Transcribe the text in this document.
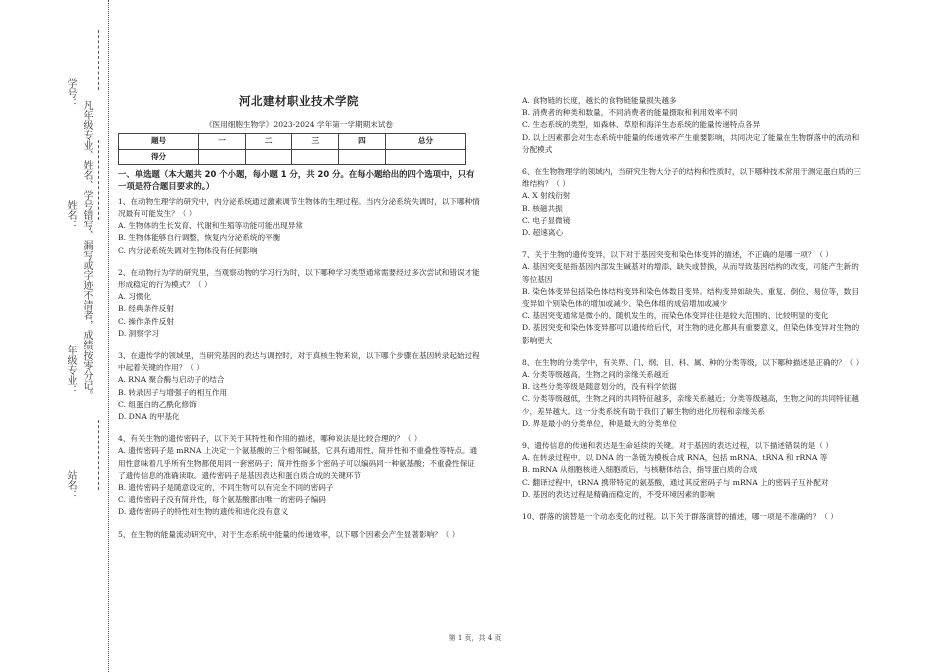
学号：
姓名：
年级专业：
站名：
凡年级专业、姓名、学号错写、漏写或字迹不清者，成绩按零分记。	河北建材职业技术学院
《医用细胞生物学》2023-2024 学年第一学期期末试卷
题号	一	二	三	四	总分
得分					
一、单选题（本大题共 20 个小题，每小题 1 分，共 20 分。在每小题给出的四个选项中，只有一项是符合题目要求的。）

1、在动物生理学的研究中，内分泌系统通过激素调节生物体的生理过程。当内分泌系统失调时，以下哪种情况最有可能发生？（ ）

A. 生物体的生长发育、代谢和生殖等功能可能出现异常

B. 生物体能够自行调整，恢复内分泌系统的平衡

C. 内分泌系统失调对生物体没有任何影响

2、在动物行为学的研究里，当观察动物的学习行为时，以下哪种学习类型通常需要经过多次尝试和错误才能形成稳定的行为模式？（ ）

A. 习惯化

B. 经典条件反射

C. 操作条件反射

D. 洞察学习

3、在遗传学的领域里，当研究基因的表达与调控时，对于真核生物来说，以下哪个步骤在基因转录起始过程中起着关键的作用？（ ）

A. RNA 聚合酶与启动子的结合

B. 转录因子与增强子的相互作用

C. 组蛋白的乙酰化修饰

D. DNA 的甲基化

4、有关生物的遗传密码子，以下关于其特性和作用的描述，哪种说法是比较合理的？（ ）

A. 遗传密码子是 mRNA 上决定一个氨基酸的三个相邻碱基，它具有通用性、简并性和不重叠性等特点。通用性意味着几乎所有生物都使用同一套密码子；简并性指多个密码子可以编码同一种氨基酸；不重叠性保证了遗传信息的准确读取。遗传密码子是基因表达和蛋白质合成的关键环节

B. 遗传密码子是随意设定的，不同生物可以有完全不同的密码子

C. 遗传密码子没有简并性，每个氨基酸都由唯一的密码子编码

D. 遗传密码子的特性对生物的遗传和进化没有意义

5、在生物的能量流动研究中，对于生态系统中能量的传递效率，以下哪个因素会产生显著影响？（ ）

A. 食物链的长度，越长的食物链能量损失越多

B. 消费者的种类和数量，不同消费者的能量摄取和利用效率不同

C. 生态系统的类型，如森林、草原和海洋生态系统的能量传递特点各异

D. 以上因素都会对生态系统中能量的传递效率产生重要影响，共同决定了能量在生物群落中的流动和分配模式

6、在生物物理学的领域内，当研究生物大分子的结构和性质时，以下哪种技术常用于测定蛋白质的三维结构？（ ）

A. X 射线衍射

B. 核磁共振

C. 电子显微镜

D. 超速离心

7、关于生物的遗传变异，以下对于基因突变和染色体变异的描述，不正确的是哪一项？（ ）

A. 基因突变是指基因内部发生碱基对的增添、缺失或替换，从而导致基因结构的改变，可能产生新的等位基因

B. 染色体变异包括染色体结构变异和染色体数目变异。结构变异如缺失、重复、倒位、易位等，数目变异如个别染色体的增加或减少、染色体组的成倍增加或减少

C. 基因突变通常是微小的、随机发生的，而染色体变异往往是较大范围的、比较明显的变化

D. 基因突变和染色体变异都可以遗传给后代，对生物的进化都具有重要意义，但染色体变异对生物的影响更大

8、在生物的分类学中，有关界、门、纲、目、科、属、种的分类等级，以下哪种描述是正确的？（ ）

A. 分类等级越高，生物之间的亲缘关系越近

B. 这些分类等级是随意划分的，没有科学依据

C. 分类等级越低，生物之间的共同特征越多，亲缘关系越近；分类等级越高，生物之间的共同特征越少，差异越大。这一分类系统有助于我们了解生物的进化历程和亲缘关系

D. 界是最小的分类单位，种是最大的分类单位

9、遗传信息的传递和表达是生命延续的关键。对于基因的表达过程，以下描述错误的是（ ）

A. 在转录过程中，以 DNA 的一条链为模板合成 RNA，包括 mRNA、tRNA 和 rRNA 等

B. mRNA 从细胞核进入细胞质后，与核糖体结合，指导蛋白质的合成

C. 翻译过程中，tRNA 携带特定的氨基酸，通过其反密码子与 mRNA 上的密码子互补配对

D. 基因的表达过程是精确而稳定的，不受环境因素的影响

10、群落的演替是一个动态变化的过程。以下关于群落演替的描述，哪一项是不准确的？（ ）

第 1 页，共 4 页
